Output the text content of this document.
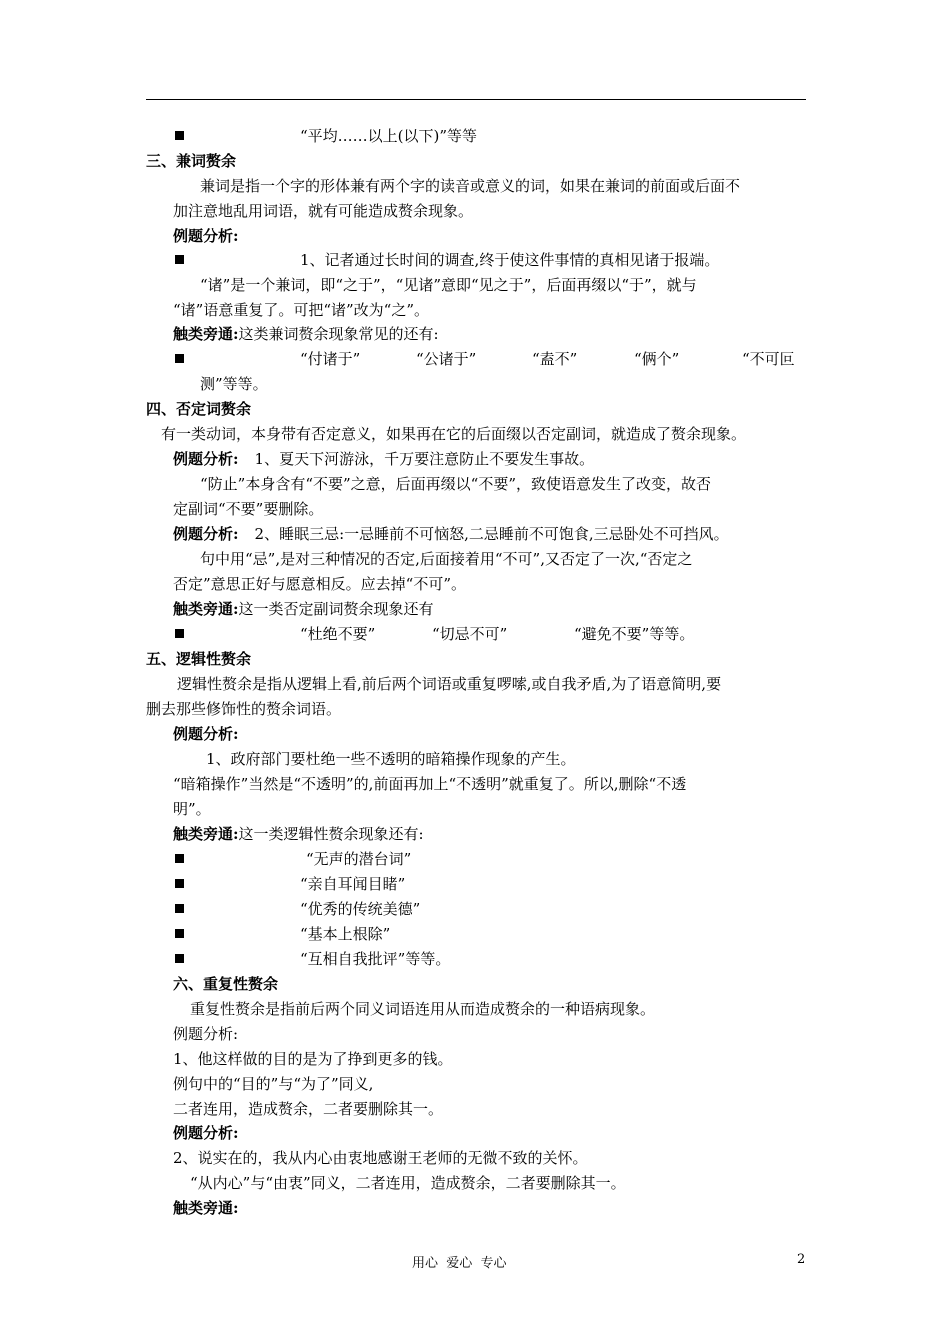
“平均……以上(以下)”等等
三、兼词赘余
兼词是指一个字的形体兼有两个字的读音或意义的词，如果在兼词的前面或后面不
加注意地乱用词语，就有可能造成赘余现象。
例题分析:
1、记者通过长时间的调查,终于使这件事情的真相见诸于报端。
“诸”是一个兼词，即“之于”，“见诸”意即“见之于”，后面再缀以“于”，就与
“诸”语意重复了。可把“诸”改为“之”。
触类旁通:这类兼词赘余现象常见的还有:
“付诸于”	“公诸于”	“盍不”	“俩个”	“不可叵
测”等等。
四、否定词赘余
有一类动词，本身带有否定意义，如果再在它的后面缀以否定副词，就造成了赘余现象。
例题分析: 1、夏天下河游泳，千万要注意防止不要发生事故。
“防止”本身含有“不要”之意，后面再缀以“不要”，致使语意发生了改变，故否
定副词“不要”要删除。
例题分析: 2、睡眠三忌:一忌睡前不可恼怒,二忌睡前不可饱食,三忌卧处不可挡风。
句中用“忌”,是对三种情况的否定,后面接着用“不可”,又否定了一次,“否定之
否定”意思正好与愿意相反。应去掉“不可”。
触类旁通:这一类否定副词赘余现象还有
“杜绝不要”	“切忌不可”	“避免不要”等等。
五、逻辑性赘余
逻辑性赘余是指从逻辑上看,前后两个词语或重复啰嗦,或自我矛盾,为了语意简明,要
删去那些修饰性的赘余词语。
例题分析:
1、政府部门要杜绝一些不透明的暗箱操作现象的产生。
“暗箱操作”当然是“不透明”的,前面再加上“不透明”就重复了。所以,删除“不透
明”。
触类旁通:这一类逻辑性赘余现象还有:
“无声的潜台词”
“亲自耳闻目睹”
“优秀的传统美德”
“基本上根除”
“互相自我批评”等等。
六、重复性赘余
重复性赘余是指前后两个同义词语连用从而造成赘余的一种语病现象。
例题分析:
1、他这样做的目的是为了挣到更多的钱。
例句中的“目的”与“为了”同义,
二者连用，造成赘余，二者要删除其一。
例题分析:
2、说实在的，我从内心由衷地感谢王老师的无微不致的关怀。
“从内心”与“由衷”同义，二者连用，造成赘余，二者要删除其一。
触类旁通:
用心  爱心  专心	2
